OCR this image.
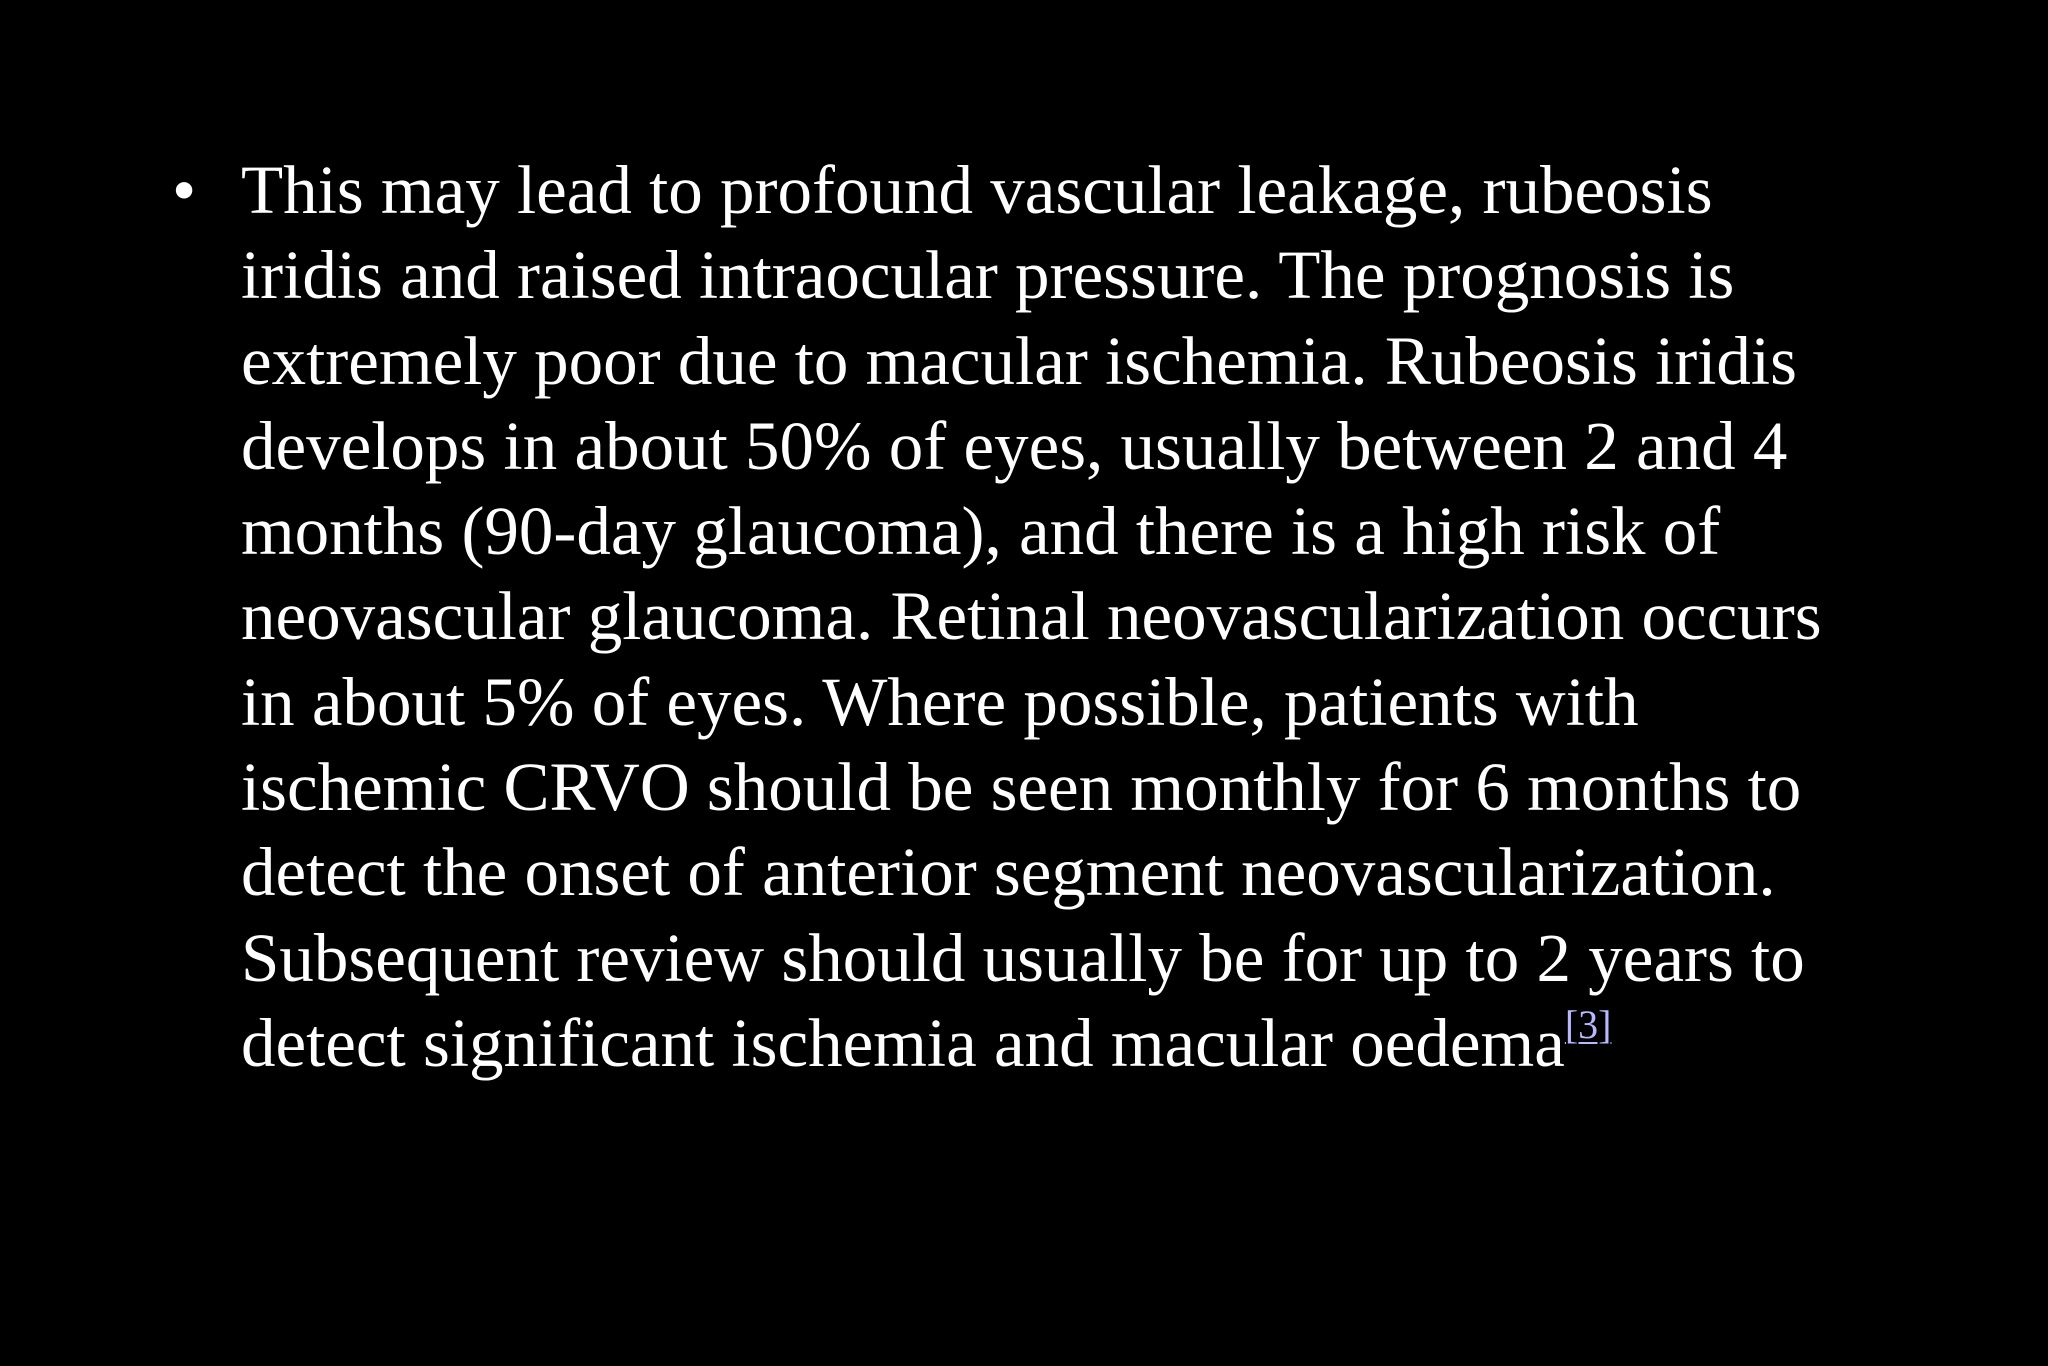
• This may lead to profound vascular leakage, rubeosis
iridis and raised intraocular pressure. The prognosis is
extremely poor due to macular ischemia. Rubeosis iridis
develops in about 50% of eyes, usually between 2 and 4
months (90-day glaucoma), and there is a high risk of
neovascular glaucoma. Retinal neovascularization occurs
in about 5% of eyes. Where possible, patients with
ischemic CRVO should be seen monthly for 6 months to
detect the onset of anterior segment neovascularization.
Subsequent review should usually be for up to 2 years to
detect significant ischemia and macular oedema[3]
